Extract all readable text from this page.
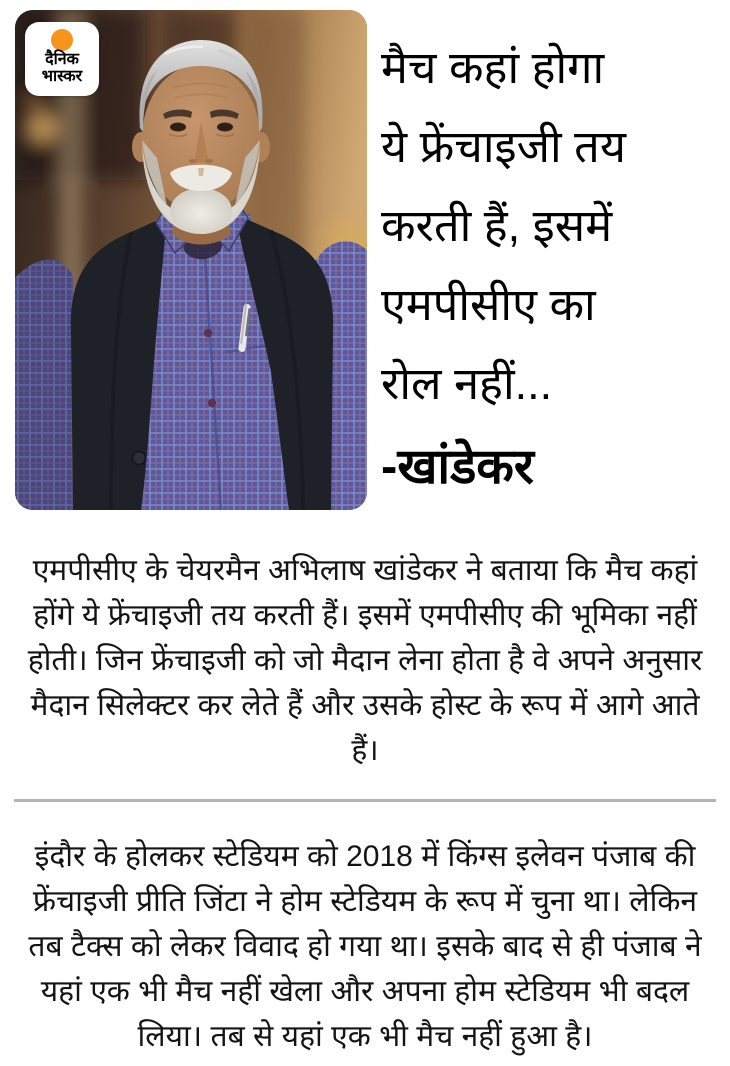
दैनिक
भास्कर	मैच कहां होगा
ये फ्रेंचाइजी तय
करती हैं, इसमें
एमपीसीए का
रोल नहीं...
-खांडेकर

एमपीसीए के चेयरमैन अभिलाष खांडेकर ने बताया कि मैच कहां होंगे ये फ्रेंचाइजी तय करती हैं। इसमें एमपीसीए की भूमिका नहीं होती। जिन फ्रेंचाइजी को जो मैदान लेना होता है वे अपने अनुसार मैदान सिलेक्टर कर लेते हैं और उसके होस्ट के रूप में आगे आते हैं।

इंदौर के होलकर स्टेडियम को 2018 में किंग्स इलेवन पंजाब की फ्रेंचाइजी प्रीति जिंटा ने होम स्टेडियम के रूप में चुना था। लेकिन तब टैक्स को लेकर विवाद हो गया था। इसके बाद से ही पंजाब ने यहां एक भी मैच नहीं खेला और अपना होम स्टेडियम भी बदल लिया। तब से यहां एक भी मैच नहीं हुआ है।
